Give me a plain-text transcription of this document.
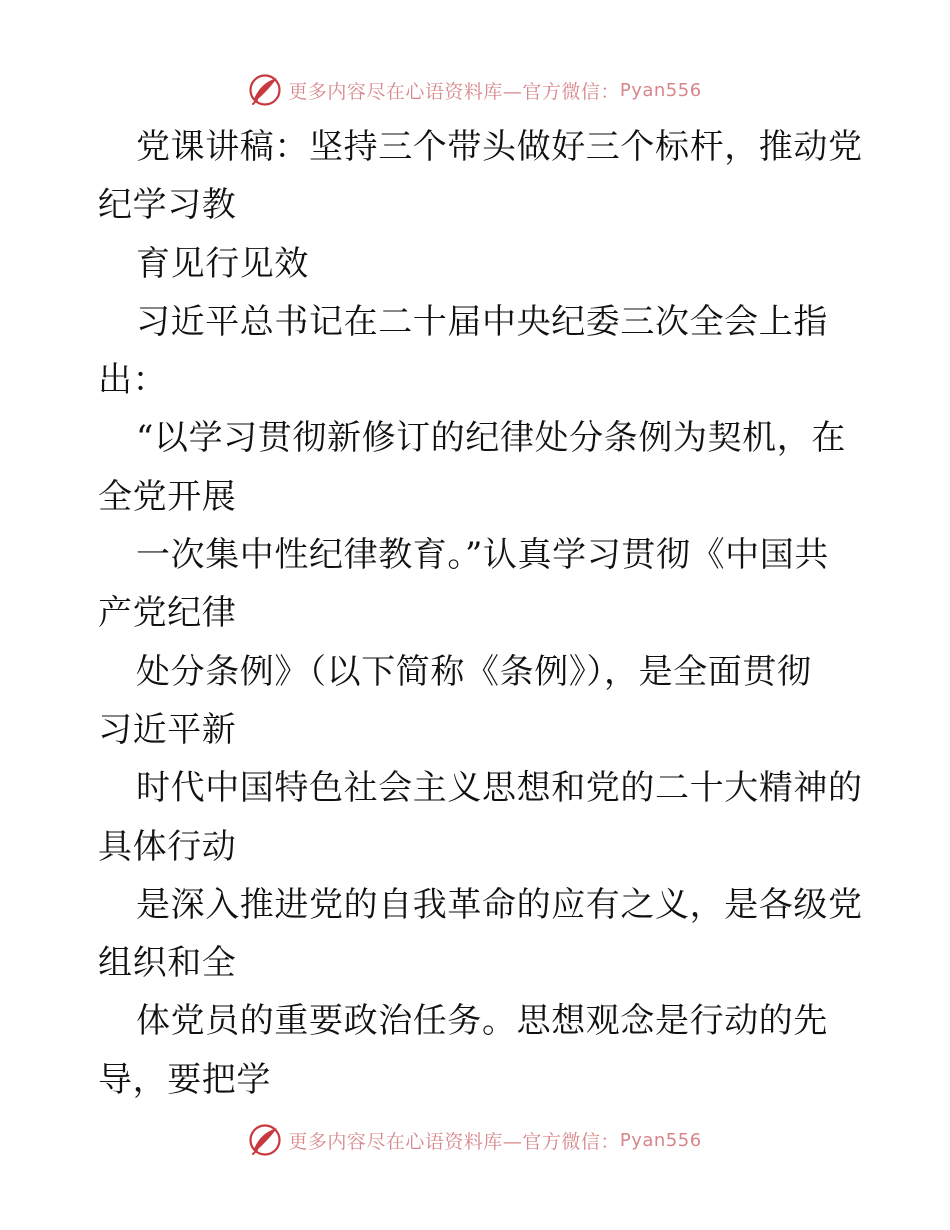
更多内容尽在心语资料库—官方微信： Pyan556
党课讲稿：坚持三个带头做好三个标杆，推动党
纪学习教
育见行见效
习近平总书记在二十届中央纪委三次全会上指
出：
“以学习贯彻新修订的纪律处分条例为契机，在
全党开展
一次集中性纪律教育。”认真学习贯彻《中国共
产党纪律
处分条例》（以下简称《条例》），是全面贯彻
习近平新
时代中国特色社会主义思想和党的二十大精神的
具体行动
是深入推进党的自我革命的应有之义，是各级党
组织和全
体党员的重要政治任务。思想观念是行动的先
导，要把学
更多内容尽在心语资料库—官方微信： Pyan556
